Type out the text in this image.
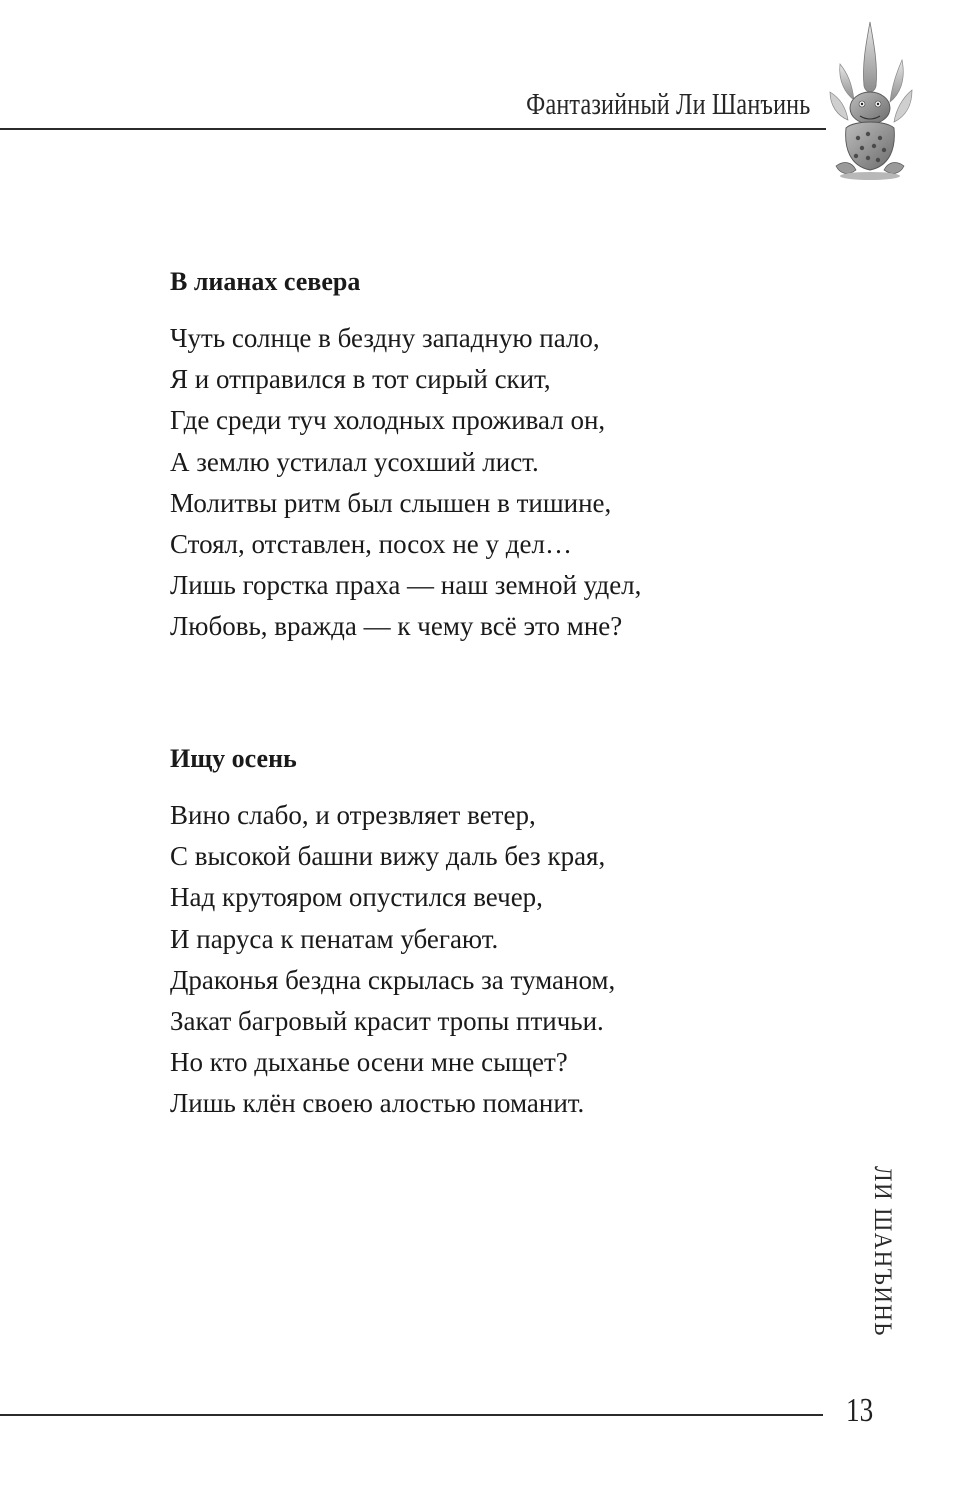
Фантазийный Ли Шанъинь
В лианах севера
Чуть солнце в бездну западную пало,
Я и отправился в тот сирый скит,
Где среди туч холодных проживал он,
А землю устилал усохший лист.
Молитвы ритм был слышен в тишине,
Стоял, отставлен, посох не у дел…
Лишь горстка праха — наш земной удел,
Любовь, вражда — к чему всё это мне?
Ищу осень
Вино слабо, и отрезвляет ветер,
С высокой башни вижу даль без края,
Над крутояром опустился вечер,
И паруса к пенатам убегают.
Драконья бездна скрылась за туманом,
Закат багровый красит тропы птичьи.
Но кто дыханье осени мне сыщет?
Лишь клён своею алостью поманит.
ЛИ ШАНЪИНЬ
13
